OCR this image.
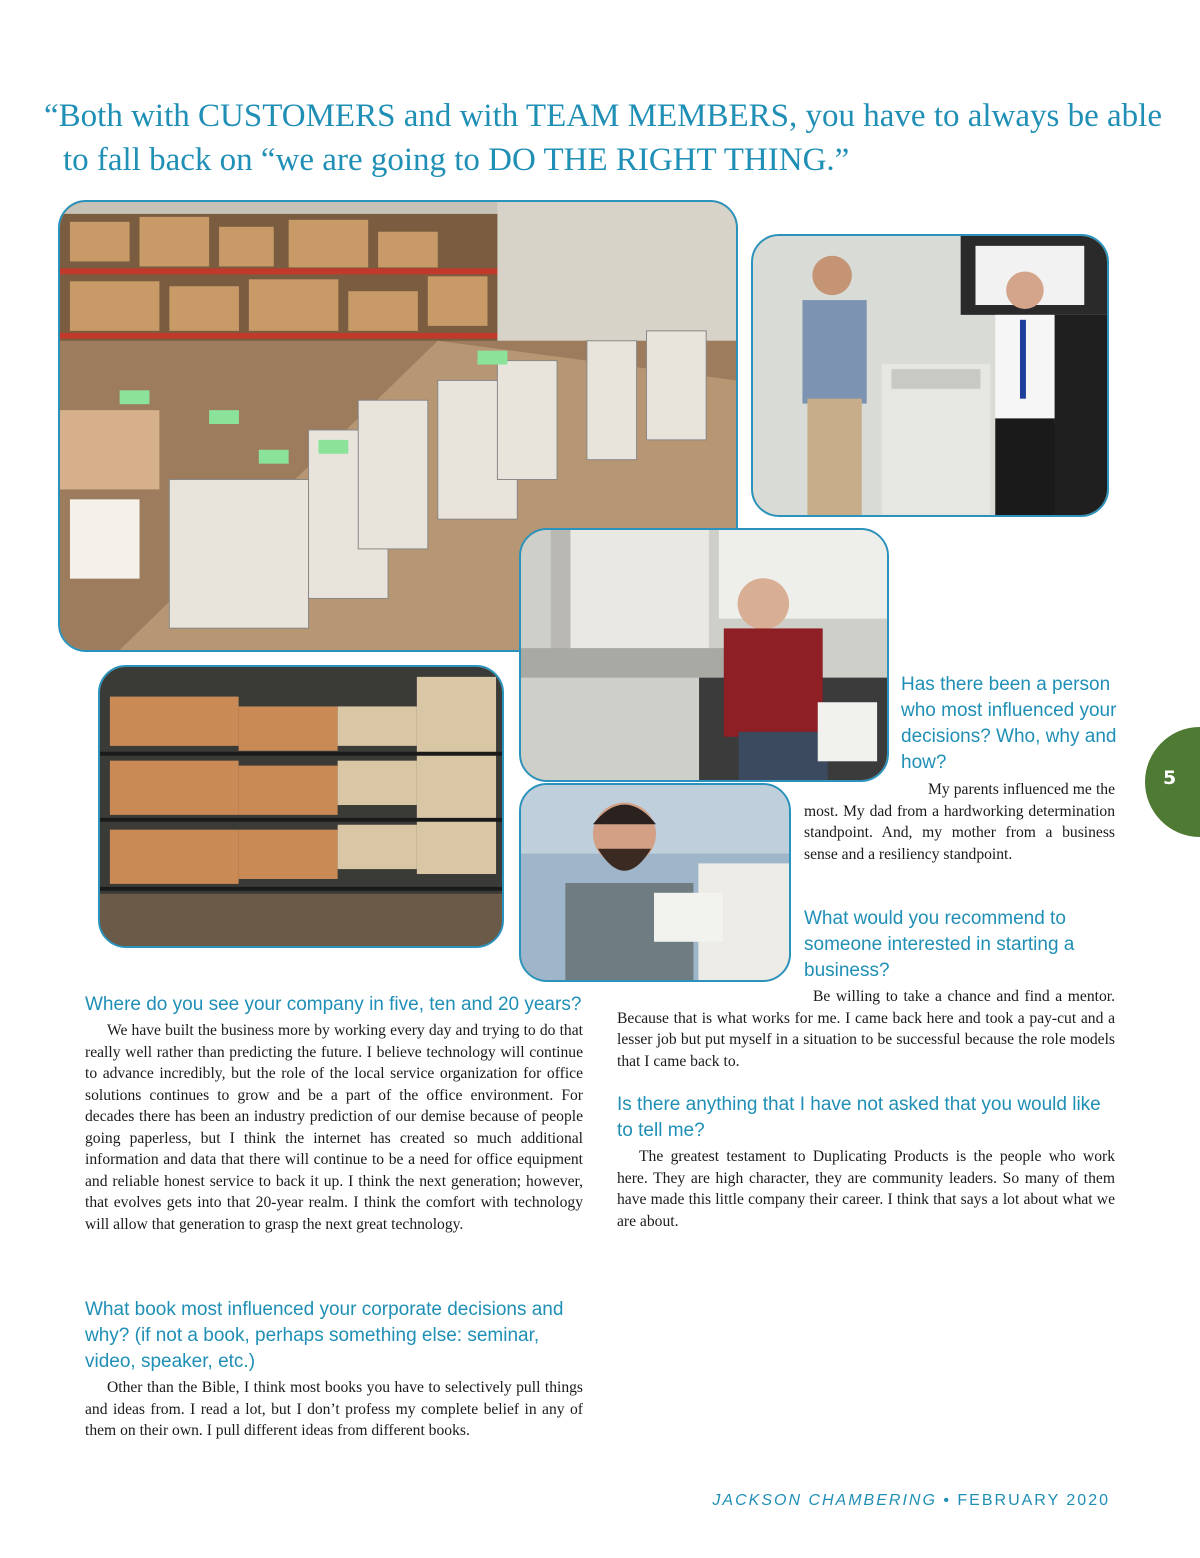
“Both with CUSTOMERS and with TEAM MEMBERS, you have to always be able to fall back on “we are going to DO THE RIGHT THING.”
Has there been a person who most influenced your decisions? Who, why and how?
My parents influenced me the most. My dad from a hardworking determination standpoint. And, my mother from a business sense and a resiliency standpoint.
What would you recommend to someone interested in starting a business?
Be willing to take a chance and find a mentor. Because that is what works for me. I came back here and took a pay-cut and a lesser job but put myself in a situation to be successful because the role models that I came back to.
Is there anything that I have not asked that you would like to tell me?
The greatest testament to Duplicating Products is the people who work here. They are high character, they are community leaders. So many of them have made this little company their career. I think that says a lot about what we are about.
Where do you see your company in five, ten and 20 years?
We have built the business more by working every day and trying to do that really well rather than predicting the future. I believe technology will continue to advance incredibly, but the role of the local service organization for office solutions continues to grow and be a part of the office environment. For decades there has been an industry prediction of our demise because of people going paperless, but I think the internet has created so much additional information and data that there will continue to be a need for office equipment and reliable honest service to back it up. I think the next generation; however, that evolves gets into that 20-year realm. I think the comfort with technology will allow that generation to grasp the next great technology.
What book most influenced your corporate decisions and why? (if not a book, perhaps something else: seminar, video, speaker, etc.)
Other than the Bible, I think most books you have to selectively pull things and ideas from. I read a lot, but I don’t profess my complete belief in any of them on their own. I pull different ideas from different books.
5
JACKSON CHAMBERING • FEBRUARY 2020
